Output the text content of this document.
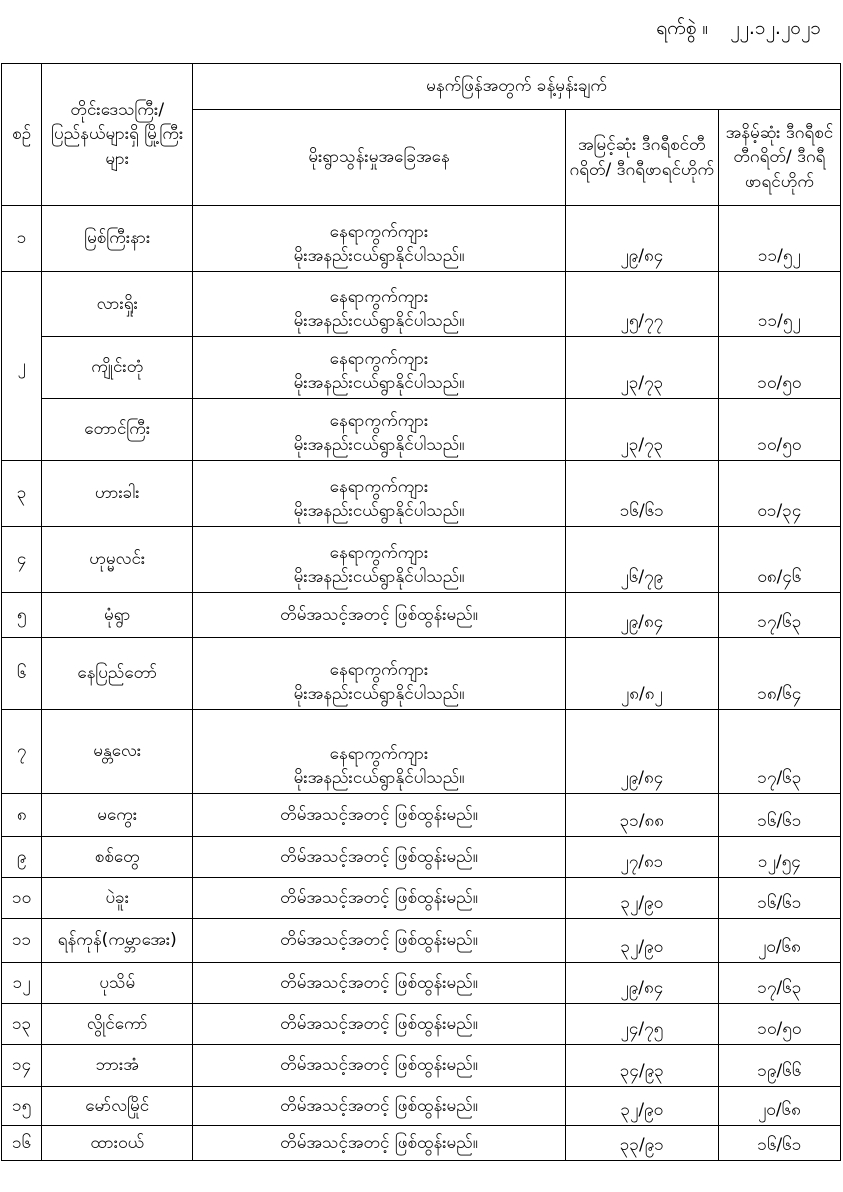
ရက်စွဲ ။ ၂၂.၁၂.၂၀၂၁
စဉ်	တိုင်းဒေသကြီး/ ပြည်နယ်များရှိ မြို့ကြီးများ	မနက်ဖြန်အတွက် ခန့်မှန်းချက်		
		မိုးရွာသွန်းမှုအခြေအနေ	အမြင့်ဆုံး ဒီဂရီစင်တီဂရိတ်/ ဒီဂရီဖာရင်ဟိုက်	အနိမ့်ဆုံး ဒီဂရီစင်တီဂရိတ်/ ဒီဂရီဖာရင်ဟိုက်
၁	မြစ်ကြီးနား	နေရာကွက်ကျား
မိုးအနည်းငယ်ရွာနိုင်ပါသည်။	၂၉/၈၄	၁၁/၅၂
၂	လားရှိုး	နေရာကွက်ကျား
မိုးအနည်းငယ်ရွာနိုင်ပါသည်။	၂၅/၇၇	၁၁/၅၂
	ကျိုင်းတုံ	နေရာကွက်ကျား
မိုးအနည်းငယ်ရွာနိုင်ပါသည်။	၂၃/၇၃	၁၀/၅၀
	တောင်ကြီး	နေရာကွက်ကျား
မိုးအနည်းငယ်ရွာနိုင်ပါသည်။	၂၃/၇၃	၁၀/၅၀
၃	ဟားခါး	နေရာကွက်ကျား
မိုးအနည်းငယ်ရွာနိုင်ပါသည်။	၁၆/၆၁	၀၁/၃၄
၄	ဟုမ္မလင်း	နေရာကွက်ကျား
မိုးအနည်းငယ်ရွာနိုင်ပါသည်။	၂၆/၇၉	၀၈/၄၆
၅	မုံရွာ	တိမ်အသင့်အတင့် ဖြစ်ထွန်းမည်။	၂၉/၈၄	၁၇/၆၃
၆	နေပြည်တော်	နေရာကွက်ကျား
မိုးအနည်းငယ်ရွာနိုင်ပါသည်။	၂၈/၈၂	၁၈/၆၄
၇	မန္တလေး	နေရာကွက်ကျား
မိုးအနည်းငယ်ရွာနိုင်ပါသည်။	၂၉/၈၄	၁၇/၆၃
၈	မကွေး	တိမ်အသင့်အတင့် ဖြစ်ထွန်းမည်။	၃၁/၈၈	၁၆/၆၁
၉	စစ်တွေ	တိမ်အသင့်အတင့် ဖြစ်ထွန်းမည်။	၂၇/၈၁	၁၂/၅၄
၁၀	ပဲခူး	တိမ်အသင့်အတင့် ဖြစ်ထွန်းမည်။	၃၂/၉၀	၁၆/၆၁
၁၁	ရန်ကုန်(ကမ္ဘာအေး)	တိမ်အသင့်အတင့် ဖြစ်ထွန်းမည်။	၃၂/၉၀	၂၀/၆၈
၁၂	ပုသိမ်	တိမ်အသင့်အတင့် ဖြစ်ထွန်းမည်။	၂၉/၈၄	၁၇/၆၃
၁၃	လွိုင်ကော်	တိမ်အသင့်အတင့် ဖြစ်ထွန်းမည်။	၂၄/၇၅	၁၀/၅၀
၁၄	ဘားအံ	တိမ်အသင့်အတင့် ဖြစ်ထွန်းမည်။	၃၄/၉၃	၁၉/၆၆
၁၅	မော်လမြိုင်	တိမ်အသင့်အတင့် ဖြစ်ထွန်းမည်။	၃၂/၉၀	၂၀/၆၈
၁၆	ထားဝယ်	တိမ်အသင့်အတင့် ဖြစ်ထွန်းမည်။	၃၃/၉၁	၁၆/၆၁
